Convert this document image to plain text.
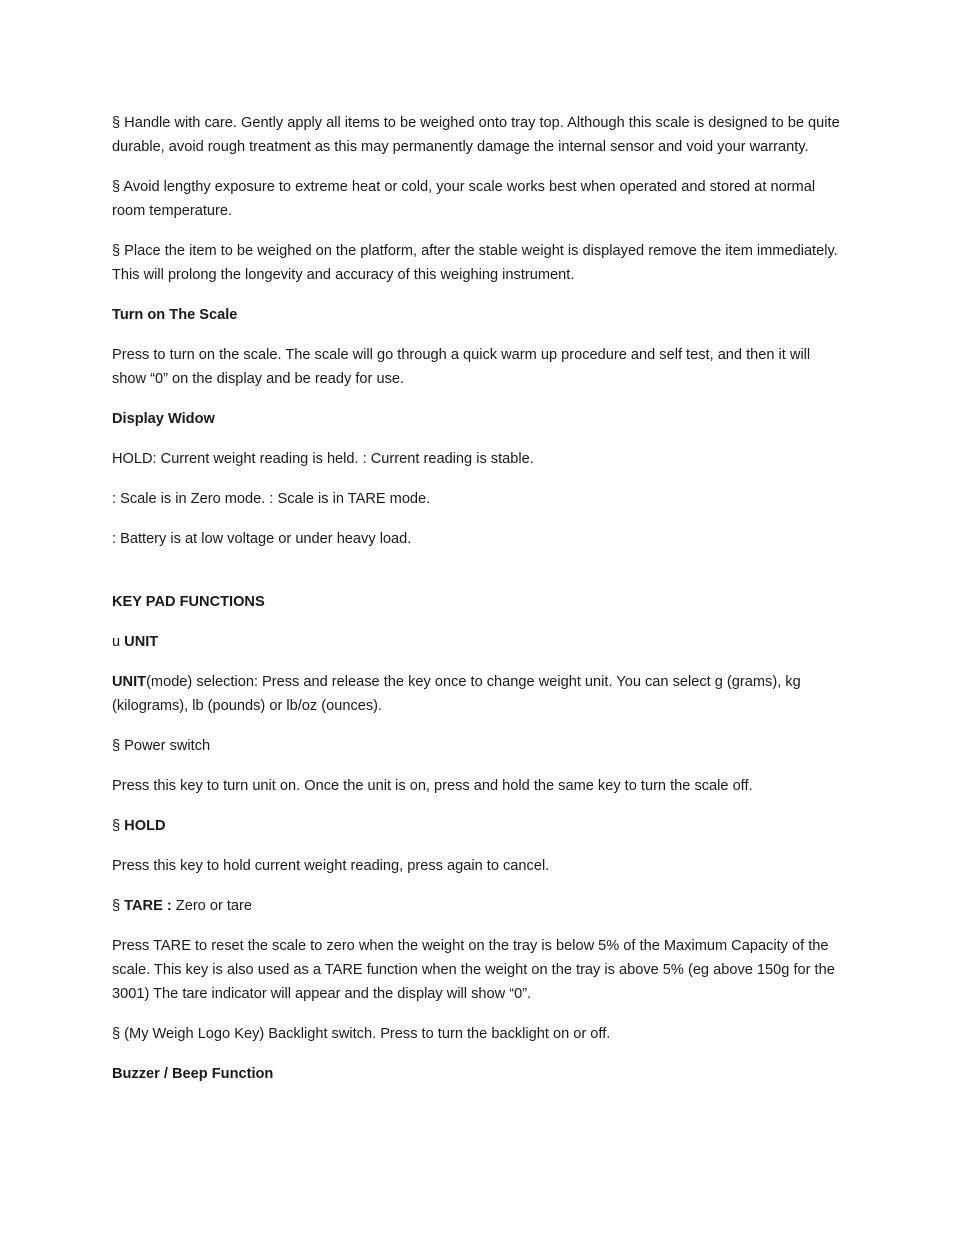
§ Handle with care. Gently apply all items to be weighed onto tray top. Although this scale is designed to be quite durable, avoid rough treatment as this may permanently damage the internal sensor and void your warranty.

§ Avoid lengthy exposure to extreme heat or cold, your scale works best when operated and stored at normal room temperature.

§ Place the item to be weighed on the platform, after the stable weight is displayed remove the item immediately. This will prolong the longevity and accuracy of this weighing instrument.

Turn on The Scale

Press to turn on the scale. The scale will go through a quick warm up procedure and self test, and then it will show “0” on the display and be ready for use.

Display Widow

HOLD: Current weight reading is held. : Current reading is stable.

: Scale is in Zero mode. : Scale is in TARE mode.

: Battery is at low voltage or under heavy load.

KEY PAD FUNCTIONS

u UNIT

UNIT(mode) selection: Press and release the key once to change weight unit. You can select g (grams), kg (kilograms), lb (pounds) or lb/oz (ounces).

§ Power switch

Press this key to turn unit on. Once the unit is on, press and hold the same key to turn the scale off.

§ HOLD

Press this key to hold current weight reading, press again to cancel.

§ TARE : Zero or tare

Press TARE to reset the scale to zero when the weight on the tray is below 5% of the Maximum Capacity of the scale. This key is also used as a TARE function when the weight on the tray is above 5% (eg above 150g for the 3001) The tare indicator will appear and the display will show “0”.

§ (My Weigh Logo Key) Backlight switch. Press to turn the backlight on or off.

Buzzer / Beep Function
